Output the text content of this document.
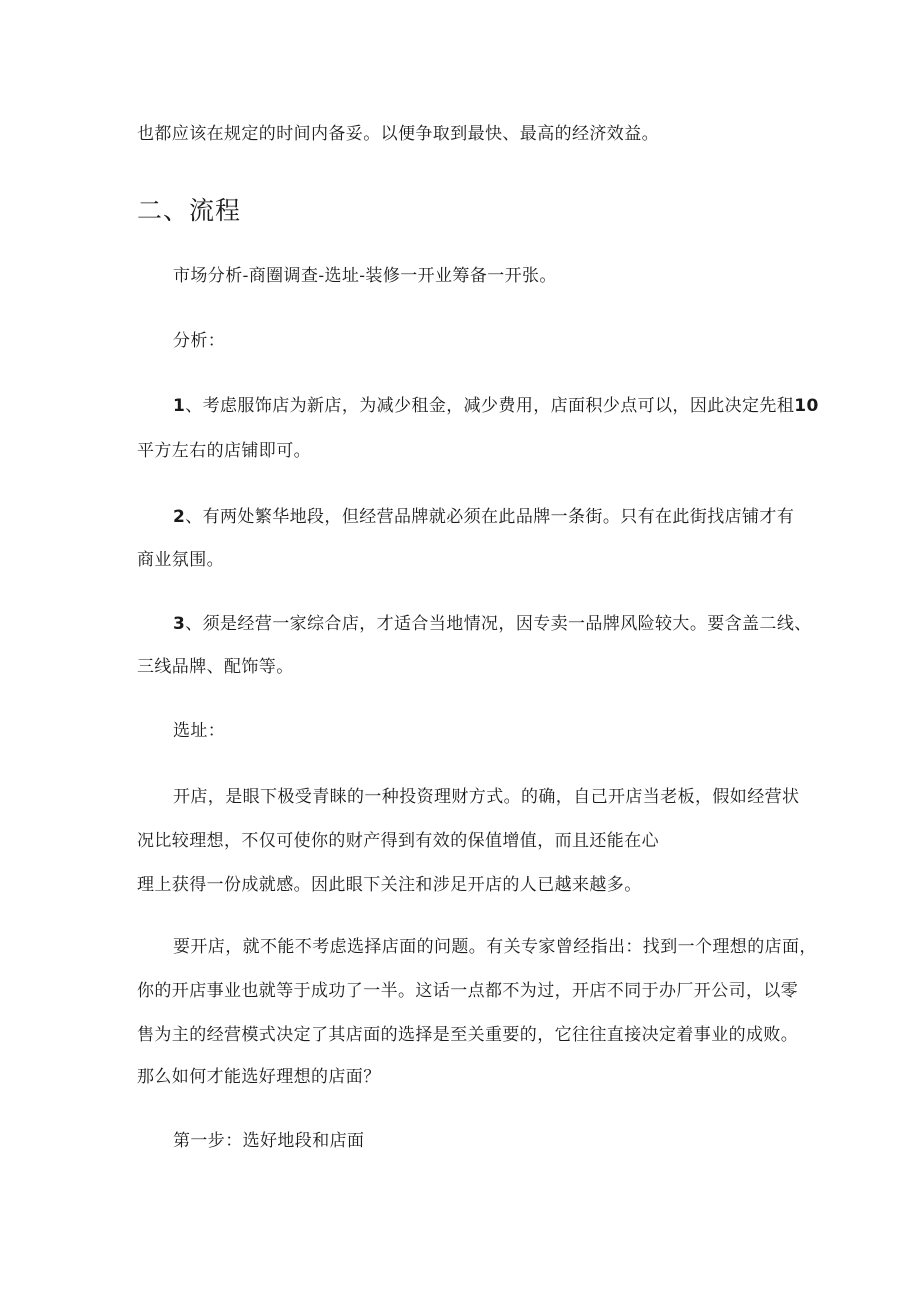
也都应该在规定的时间内备妥。以便争取到最快、最高的经济效益。
二、流程
市场分析-商圈调查-选址-装修一开业筹备一开张。
分析：
1、考虑服饰店为新店，为减少租金，减少费用，店面积少点可以，因此决定先租10
平方左右的店铺即可。
2、有两处繁华地段，但经营品牌就必须在此品牌一条街。只有在此街找店铺才有
商业氛围。
3、须是经营一家综合店，才适合当地情况，因专卖一品牌风险较大。要含盖二线、
三线品牌、配饰等。
选址：
开店，是眼下极受青睐的一种投资理财方式。的确，自己开店当老板，假如经营状
况比较理想，不仅可使你的财产得到有效的保值增值，而且还能在心
理上获得一份成就感。因此眼下关注和涉足开店的人已越来越多。
要开店，就不能不考虑选择店面的问题。有关专家曾经指出：找到一个理想的店面，
你的开店事业也就等于成功了一半。这话一点都不为过，开店不同于办厂开公司，以零
售为主的经营模式决定了其店面的选择是至关重要的，它往往直接决定着事业的成败。
那么如何才能选好理想的店面？
第一步：选好地段和店面
